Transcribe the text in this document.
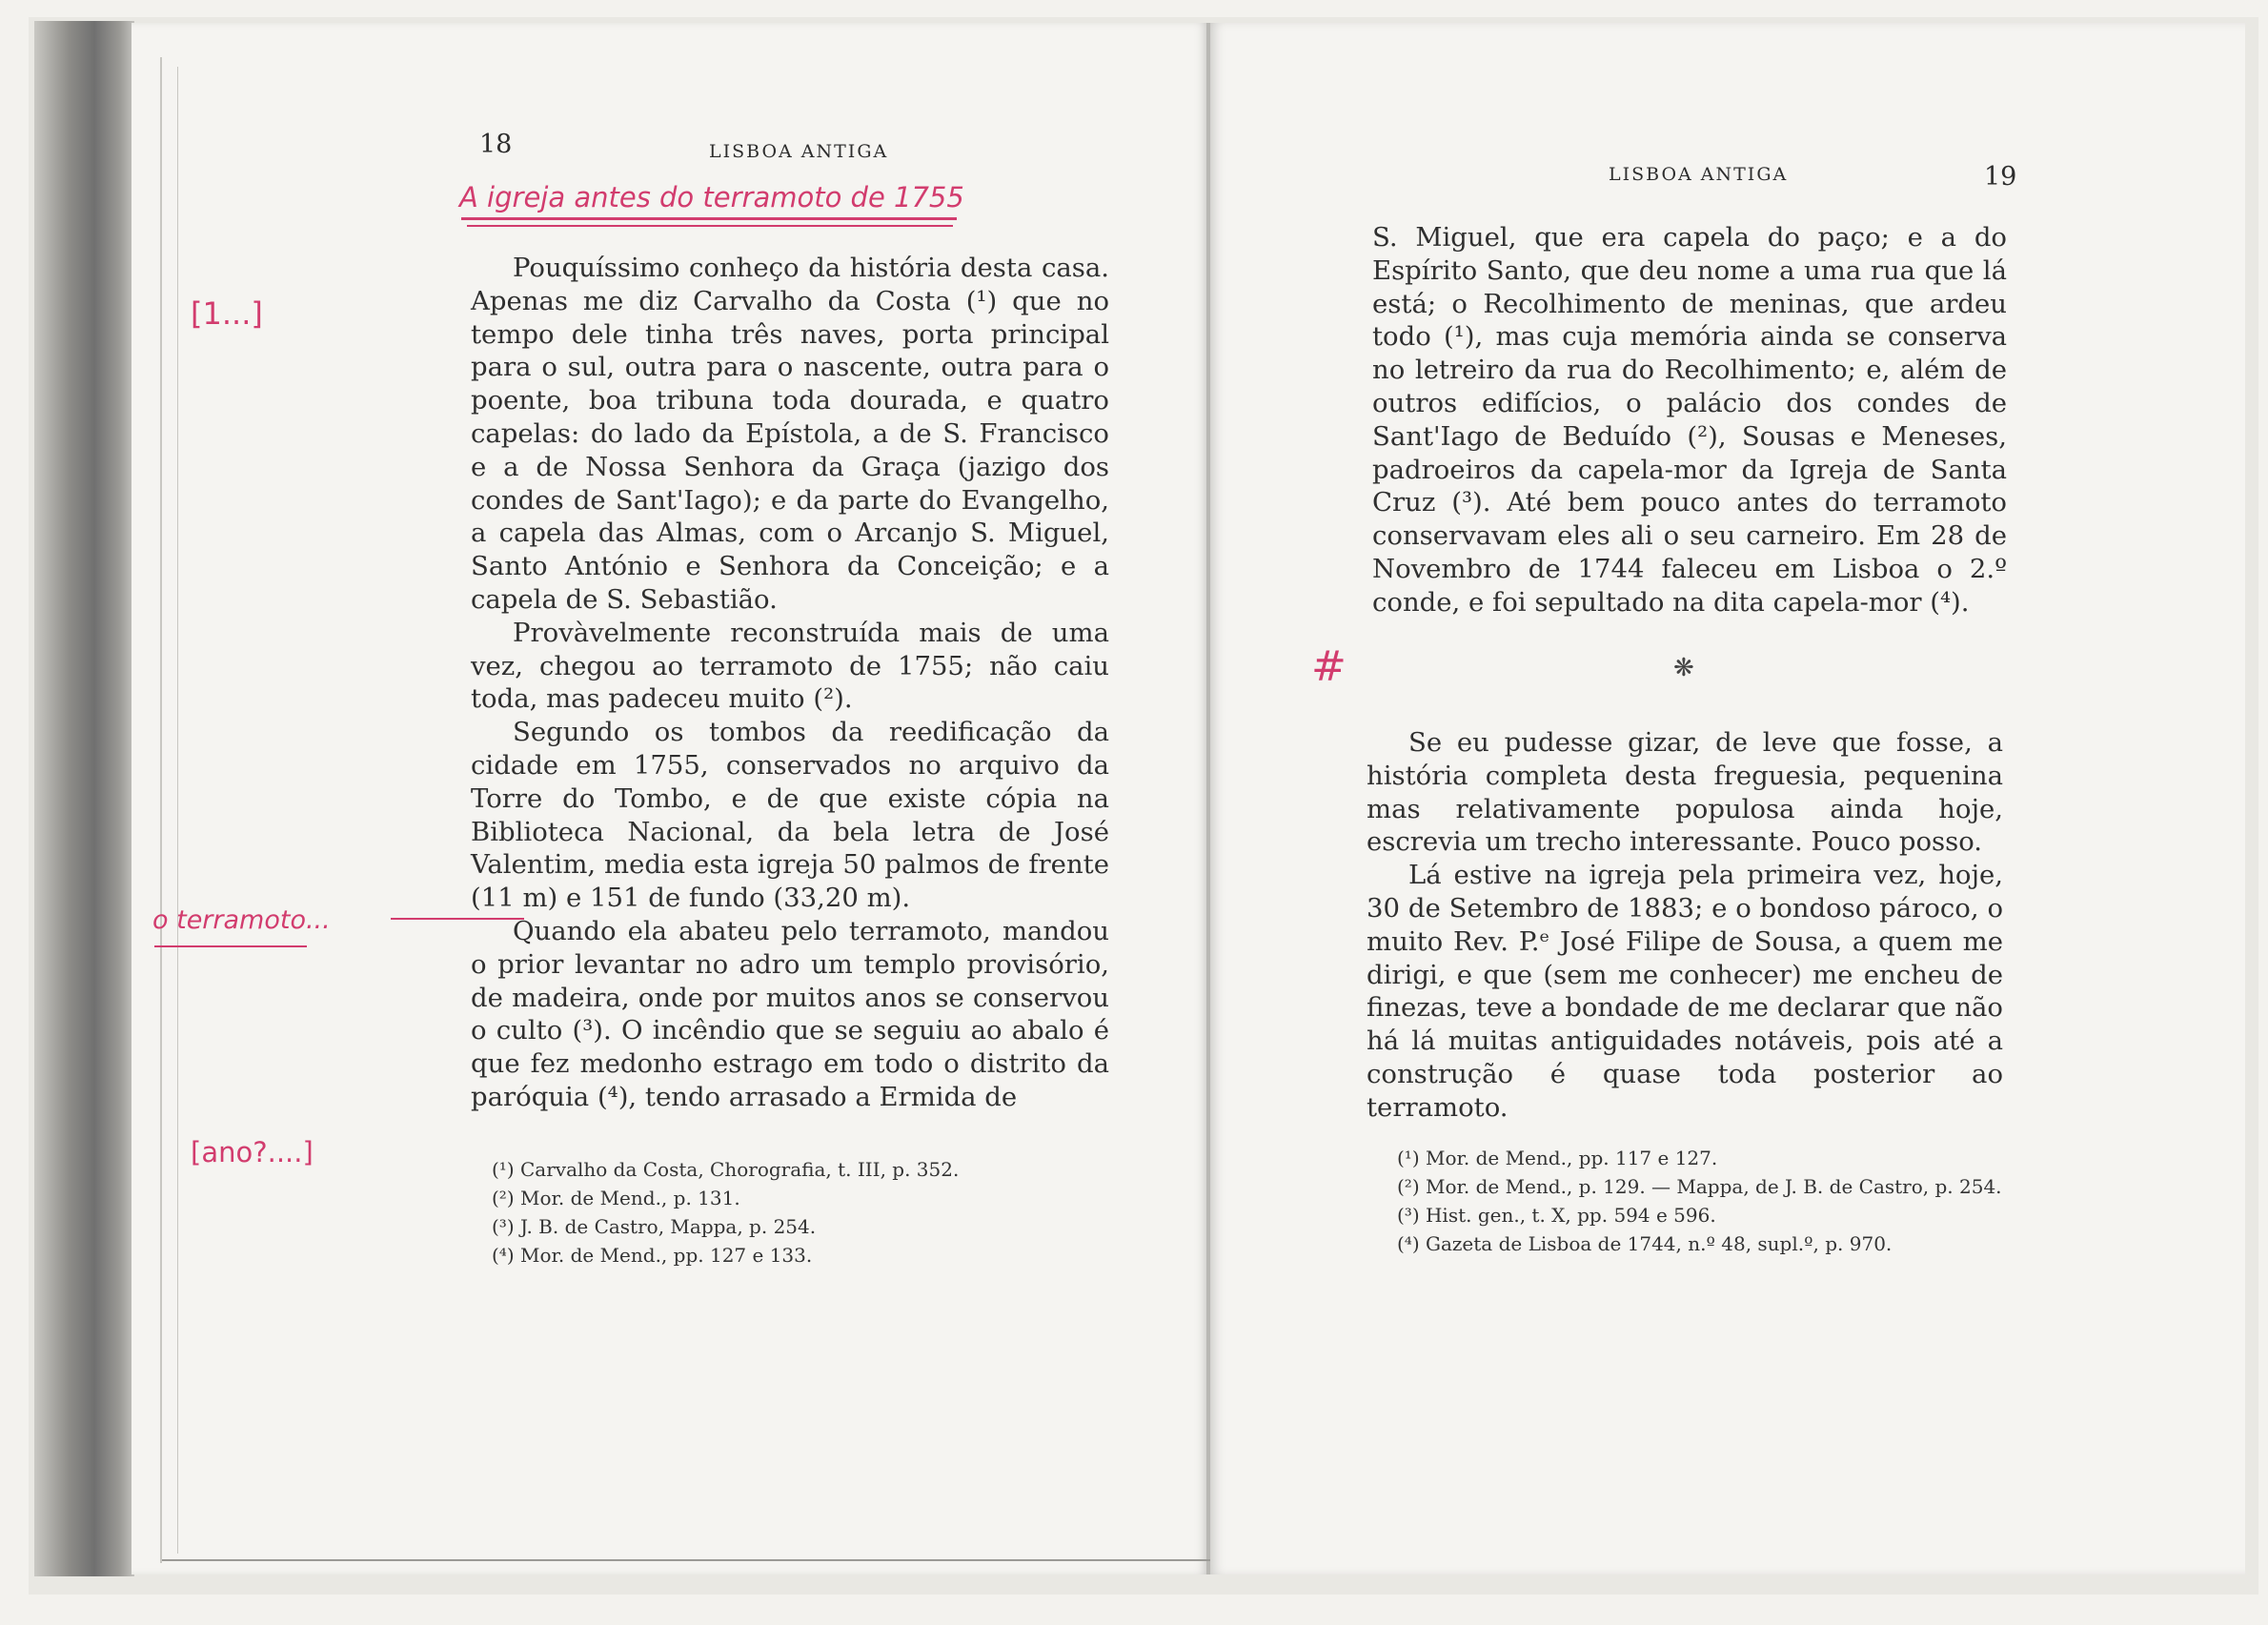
18	LISBOA ANTIGA
A igreja antes do terramoto de 1755
[1...]
o terramoto...
[ano?....]

Pouquíssimo conheço da história desta casa. Apenas me diz Carvalho da Costa (¹) que no tempo dele tinha três naves, porta principal para o sul, outra para o nascente, outra para o poente, boa tribuna toda dourada, e quatro capelas: do lado da Epístola, a de S. Francisco e a de Nossa Senhora da Graça (jazigo dos condes de Sant'Iago); e da parte do Evangelho, a capela das Almas, com o Arcanjo S. Miguel, Santo António e Senhora da Conceição; e a capela de S. Sebastião.

Provàvelmente reconstruída mais de uma vez, chegou ao terramoto de 1755; não caiu toda, mas padeceu muito (²).

Segundo os tombos da reedificação da cidade em 1755, conservados no arquivo da Torre do Tombo, e de que existe cópia na Biblioteca Nacional, da bela letra de José Valentim, media esta igreja 50 palmos de frente (11 m) e 151 de fundo (33,20 m).

Quando ela abateu pelo terramoto, mandou o prior levantar no adro um templo provisório, de madeira, onde por muitos anos se conservou o culto (³). O incêndio que se seguiu ao abalo é que fez medonho estrago em todo o distrito da paróquia (⁴), tendo arrasado a Ermida de

(¹) Carvalho da Costa, Chorografia, t. III, p. 352.

(²) Mor. de Mend., p. 131.

(³) J. B. de Castro, Mappa, p. 254.

(⁴) Mor. de Mend., pp. 127 e 133.

LISBOA ANTIGA	19

S. Miguel, que era capela do paço; e a do Espírito Santo, que deu nome a uma rua que lá está; o Recolhimento de meninas, que ardeu todo (¹), mas cuja memória ainda se conserva no letreiro da rua do Recolhimento; e, além de outros edifícios, o palácio dos condes de Sant'Iago de Beduído (²), Sousas e Meneses, padroeiros da capela-mor da Igreja de Santa Cruz (³). Até bem pouco antes do terramoto conservavam eles ali o seu carneiro. Em 28 de Novembro de 1744 faleceu em Lisboa o 2.º conde, e foi sepultado na dita capela-mor (⁴).

#	❋

Se eu pudesse gizar, de leve que fosse, a história completa desta freguesia, pequenina mas relativamente populosa ainda hoje, escrevia um trecho interessante. Pouco posso.

Lá estive na igreja pela primeira vez, hoje, 30 de Setembro de 1883; e o bondoso pároco, o muito Rev. P.ᵉ José Filipe de Sousa, a quem me dirigi, e que (sem me conhecer) me encheu de finezas, teve a bondade de me declarar que não há lá muitas antiguidades notáveis, pois até a construção é quase toda posterior ao terramoto.

(¹) Mor. de Mend., pp. 117 e 127.

(²) Mor. de Mend., p. 129. — Mappa, de J. B. de Castro, p. 254.

(³) Hist. gen., t. X, pp. 594 e 596.

(⁴) Gazeta de Lisboa de 1744, n.º 48, supl.º, p. 970.
